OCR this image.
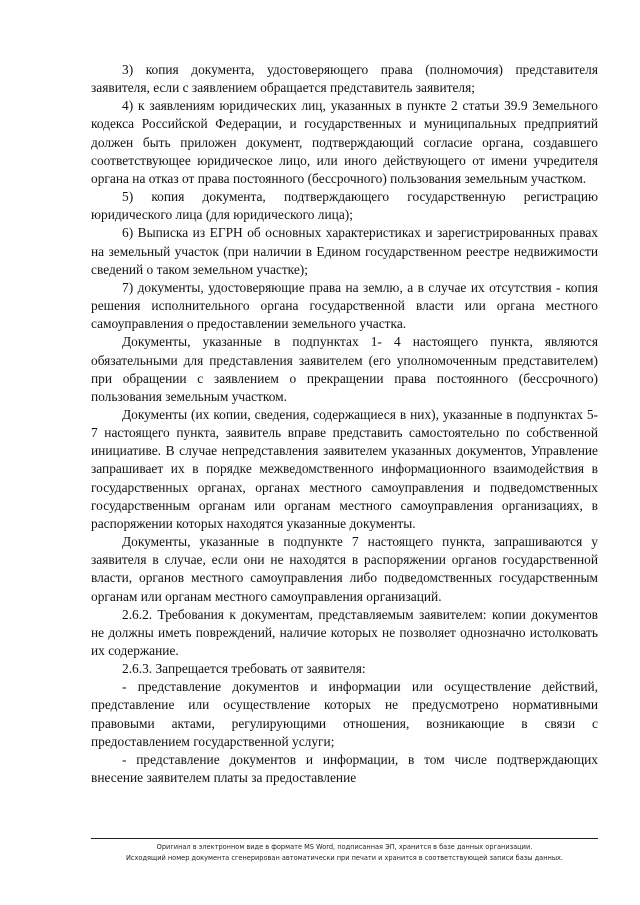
3) копия документа, удостоверяющего права (полномочия) представителя заявителя, если с заявлением обращается представитель заявителя;

4) к заявлениям юридических лиц, указанных в пункте 2 статьи 39.9 Земельного кодекса Российской Федерации, и государственных и муниципальных предприятий должен быть приложен документ, подтверждающий согласие органа, создавшего соответствующее юридическое лицо, или иного действующего от имени учредителя органа на отказ от права постоянного (бессрочного) пользования земельным участком.

5) копия документа, подтверждающего государственную регистрацию юридического лица (для юридического лица);

6) Выписка из ЕГРН об основных характеристиках и зарегистрированных правах на земельный участок (при наличии в Едином государственном реестре недвижимости сведений о таком земельном участке);

7) документы, удостоверяющие права на землю, а в случае их отсутствия - копия решения исполнительного органа государственной власти или органа местного самоуправления о предоставлении земельного участка.

Документы, указанные в подпунктах 1- 4 настоящего пункта, являются обязательными для представления заявителем (его уполномоченным представителем) при обращении с заявлением о прекращении права постоянного (бессрочного) пользования земельным участком.

Документы (их копии, сведения, содержащиеся в них), указанные в подпунктах 5-7 настоящего пункта, заявитель вправе представить самостоятельно по собственной инициативе. В случае непредставления заявителем указанных документов, Управление запрашивает их в порядке межведомственного информационного взаимодействия в государственных органах, органах местного самоуправления и подведомственных государственным органам или органам местного самоуправления организациях, в распоряжении которых находятся указанные документы.

Документы, указанные в подпункте 7 настоящего пункта, запрашиваются у заявителя в случае, если они не находятся в распоряжении органов государственной власти, органов местного самоуправления либо подведомственных государственным органам или органам местного самоуправления организаций.

2.6.2. Требования к документам, представляемым заявителем: копии документов не должны иметь повреждений, наличие которых не позволяет однозначно истолковать их содержание.

2.6.3. Запрещается требовать от заявителя:

- представление документов и информации или осуществление действий, представление или осуществление которых не предусмотрено нормативными правовыми актами, регулирующими отношения, возникающие в связи с предоставлением государственной услуги;

- представление документов и информации, в том числе подтверждающих внесение заявителем платы за предоставление

Оригинал в электронном виде в формате MS Word, подписанная ЭП, хранится в базе данных организации.
Исходящий номер документа сгенерирован автоматически при печати и хранится в соответствующей записи базы данных.
